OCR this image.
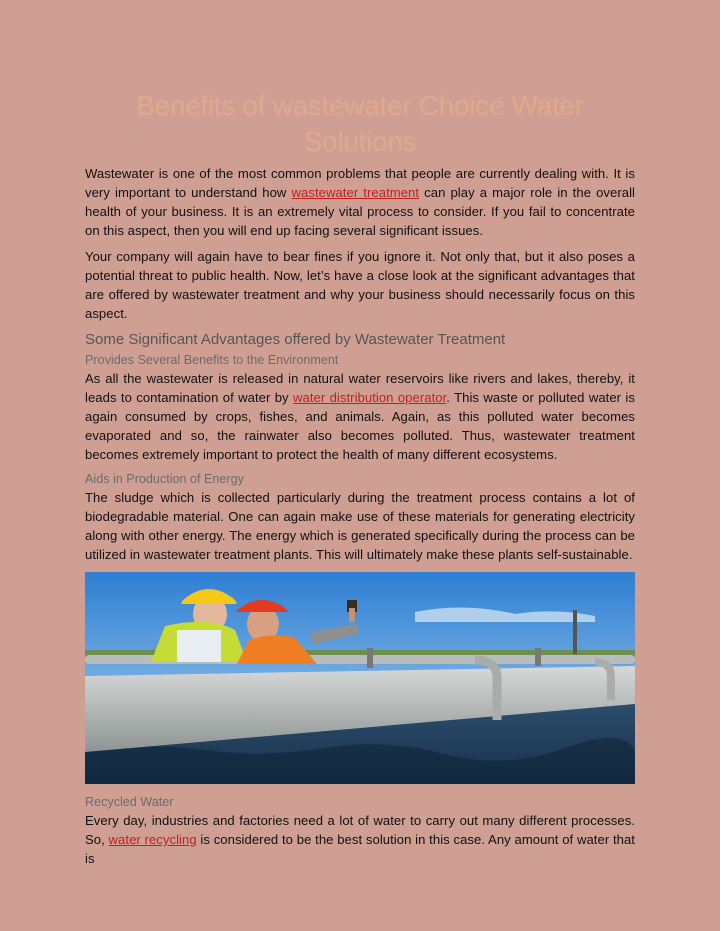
Benefits of wastewater Choice Water Solutions

Wastewater is one of the most common problems that people are currently dealing with. It is very important to understand how wastewater treatment can play a major role in the overall health of your business. It is an extremely vital process to consider. If you fail to concentrate on this aspect, then you will end up facing several significant issues.

Your company will again have to bear fines if you ignore it. Not only that, but it also poses a potential threat to public health. Now, let’s have a close look at the significant advantages that are offered by wastewater treatment and why your business should necessarily focus on this aspect.

Some Significant Advantages offered by Wastewater Treatment
Provides Several Benefits to the Environment

As all the wastewater is released in natural water reservoirs like rivers and lakes, thereby, it leads to contamination of water by water distribution operator. This waste or polluted water is again consumed by crops, fishes, and animals. Again, as this polluted water becomes evaporated and so, the rainwater also becomes polluted. Thus, wastewater treatment becomes extremely important to protect the health of many different ecosystems.

Aids in Production of Energy

The sludge which is collected particularly during the treatment process contains a lot of biodegradable material. One can again make use of these materials for generating electricity along with other energy. The energy which is generated specifically during the process can be utilized in wastewater treatment plants. This will ultimately make these plants self-sustainable.

Recycled Water

Every day, industries and factories need a lot of water to carry out many different processes. So, water recycling is considered to be the best solution in this case. Any amount of water that is
